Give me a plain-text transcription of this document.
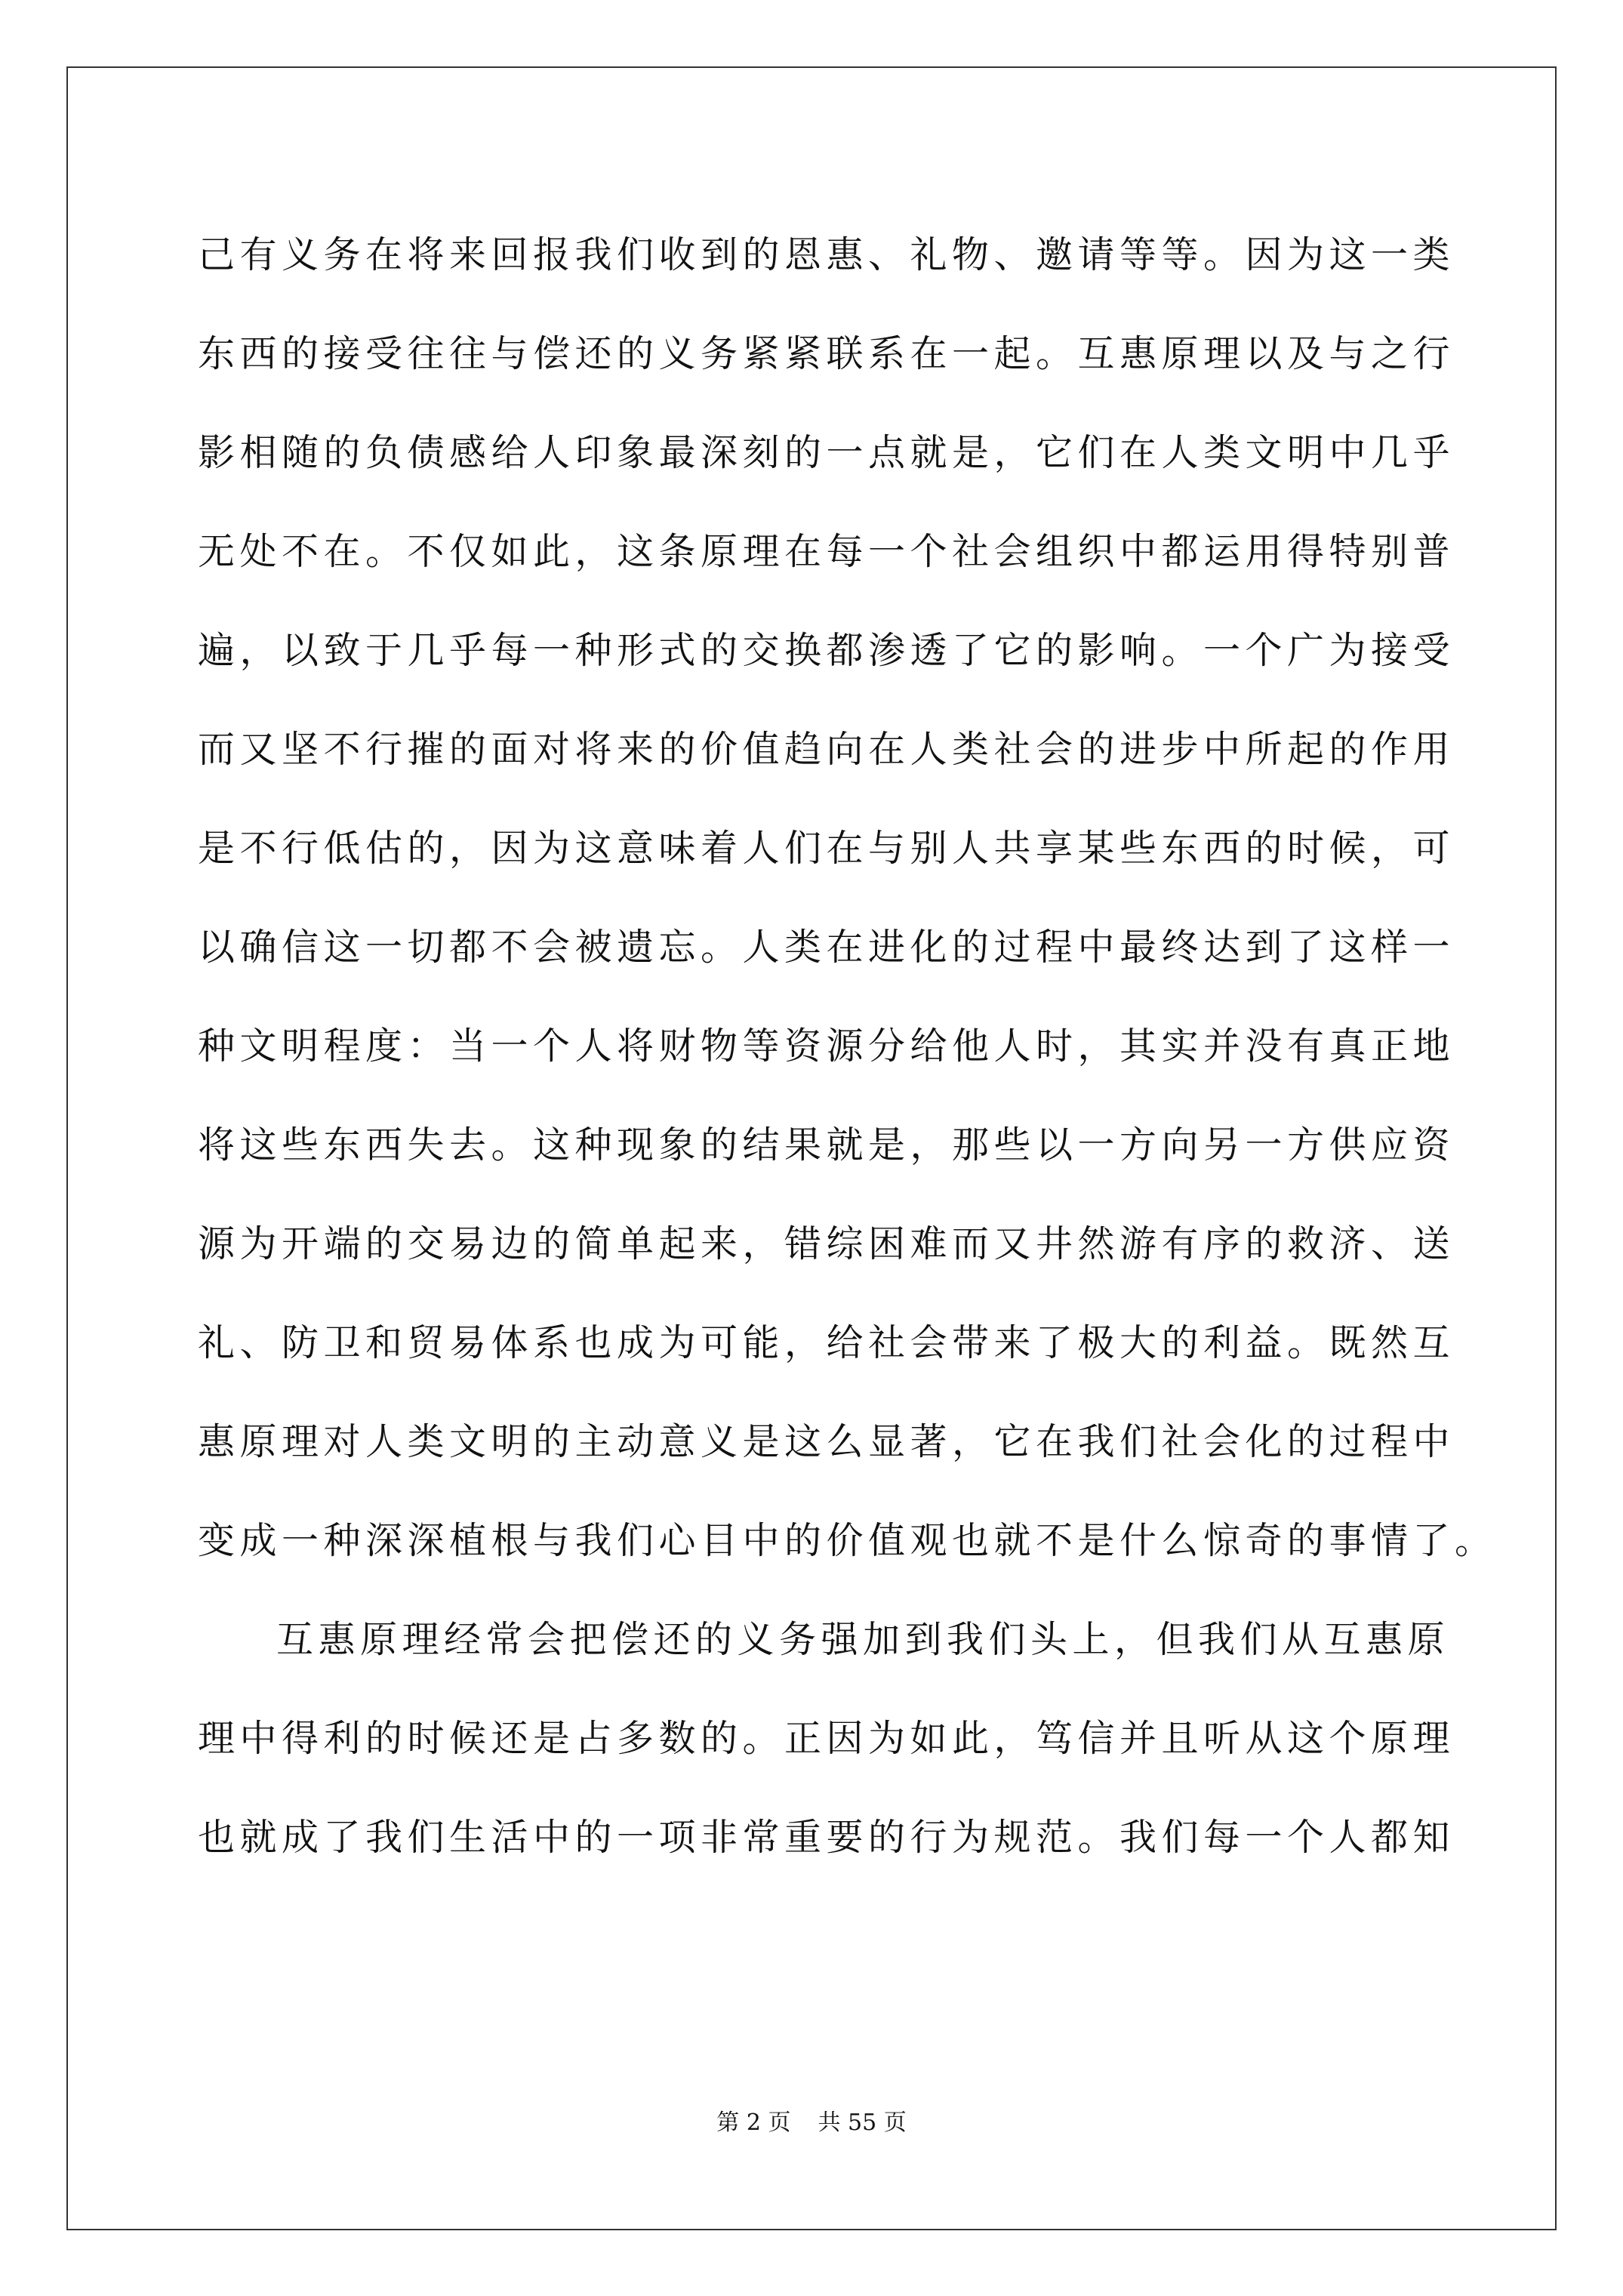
己有义务在将来回报我们收到的恩惠、礼物、邀请等等。因为这一类
东西的接受往往与偿还的义务紧紧联系在一起。互惠原理以及与之行
影相随的负债感给人印象最深刻的一点就是，它们在人类文明中几乎
无处不在。不仅如此，这条原理在每一个社会组织中都运用得特别普
遍，以致于几乎每一种形式的交换都渗透了它的影响。一个广为接受
而又坚不行摧的面对将来的价值趋向在人类社会的进步中所起的作用
是不行低估的，因为这意味着人们在与别人共享某些东西的时候，可
以确信这一切都不会被遗忘。人类在进化的过程中最终达到了这样一
种文明程度：当一个人将财物等资源分给他人时，其实并没有真正地
将这些东西失去。这种现象的结果就是，那些以一方向另一方供应资
源为开端的交易边的简单起来，错综困难而又井然游有序的救济、送
礼、防卫和贸易体系也成为可能，给社会带来了极大的利益。既然互
惠原理对人类文明的主动意义是这么显著，它在我们社会化的过程中
变成一种深深植根与我们心目中的价值观也就不是什么惊奇的事情了。
互惠原理经常会把偿还的义务强加到我们头上，但我们从互惠原
理中得利的时候还是占多数的。正因为如此，笃信并且听从这个原理
也就成了我们生活中的一项非常重要的行为规范。我们每一个人都知
第 2 页 共 55 页
